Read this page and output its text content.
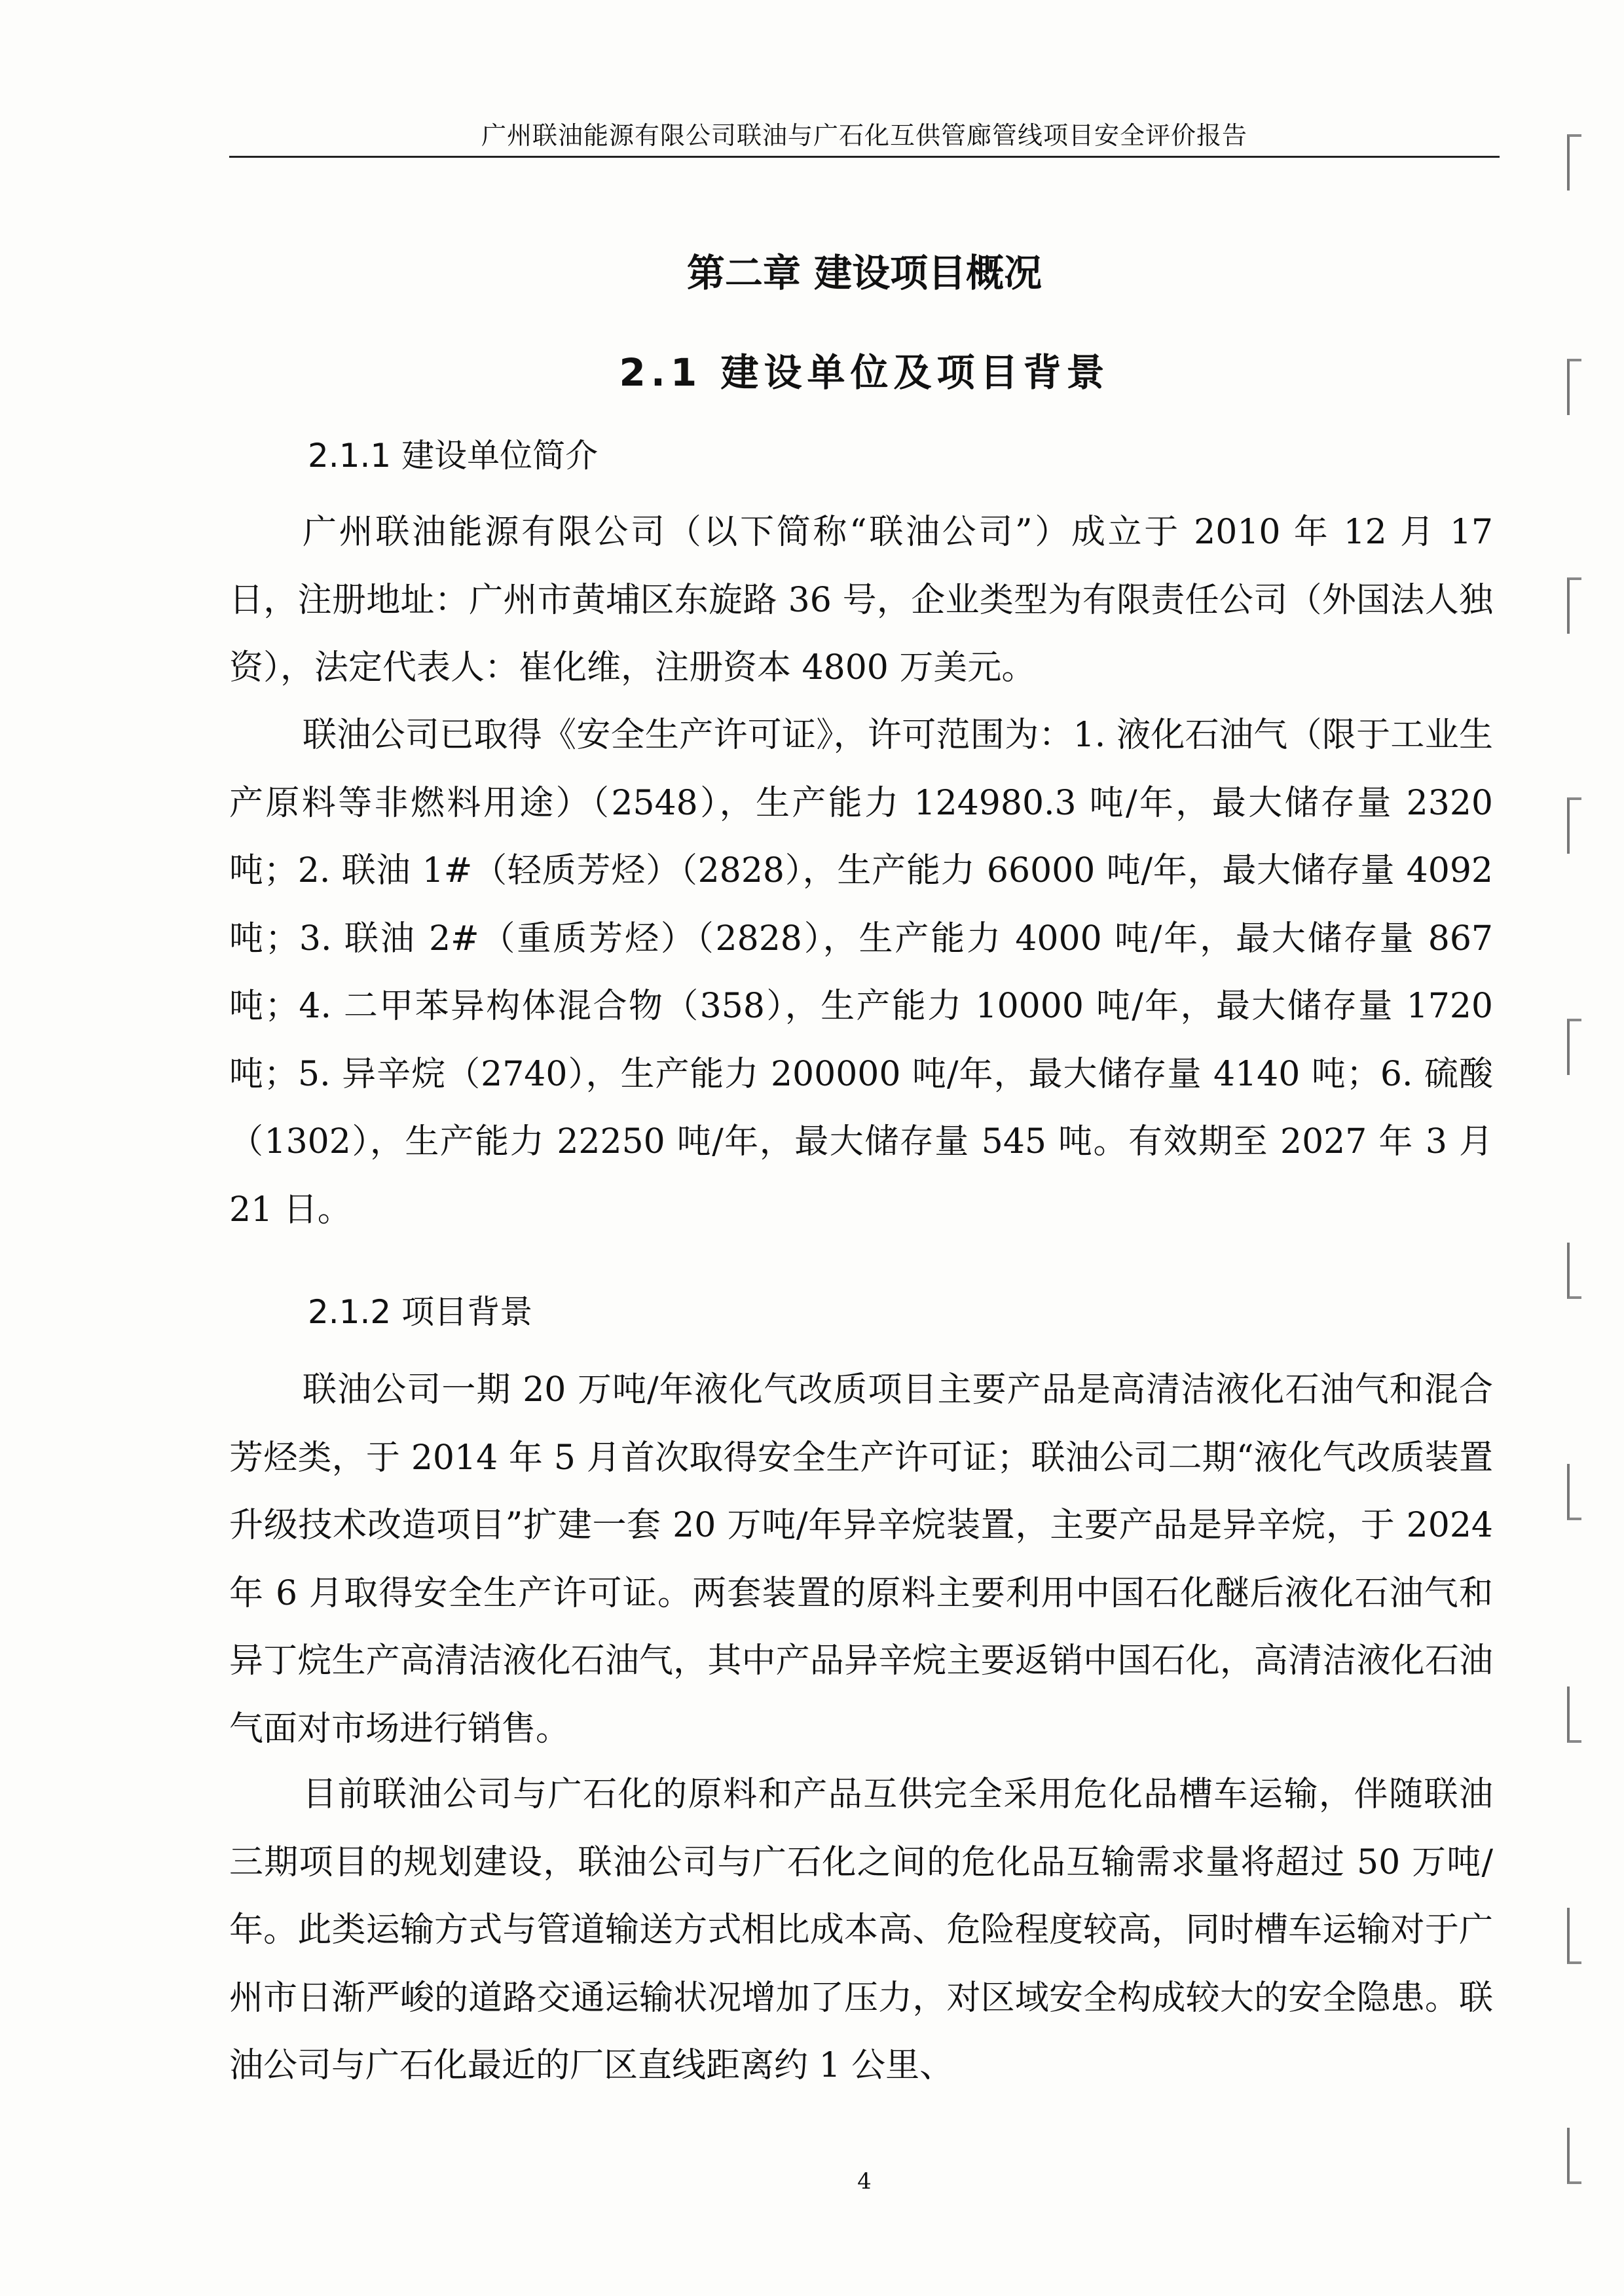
广州联油能源有限公司联油与广石化互供管廊管线项目安全评价报告
第二章 建设项目概况
2.1 建设单位及项目背景
2.1.1 建设单位简介

广州联油能源有限公司（以下简称“联油公司”）成立于 2010 年 12 月 17 日，注册地址：广州市黄埔区东旋路 36 号，企业类型为有限责任公司（外国法人独资），法定代表人：崔化维，注册资本 4800 万美元。

联油公司已取得《安全生产许可证》，许可范围为：1. 液化石油气（限于工业生产原料等非燃料用途）（2548），生产能力 124980.3 吨/年，最大储存量 2320 吨；2. 联油 1#（轻质芳烃）（2828），生产能力 66000 吨/年，最大储存量 4092 吨；3. 联油 2#（重质芳烃）（2828），生产能力 4000 吨/年，最大储存量 867 吨；4. 二甲苯异构体混合物（358），生产能力 10000 吨/年，最大储存量 1720 吨；5. 异辛烷（2740），生产能力 200000 吨/年，最大储存量 4140 吨；6. 硫酸（1302），生产能力 22250 吨/年，最大储存量 545 吨。有效期至 2027 年 3 月 21 日。

2.1.2 项目背景

联油公司一期 20 万吨/年液化气改质项目主要产品是高清洁液化石油气和混合芳烃类，于 2014 年 5 月首次取得安全生产许可证；联油公司二期“液化气改质装置升级技术改造项目”扩建一套 20 万吨/年异辛烷装置，主要产品是异辛烷，于 2024 年 6 月取得安全生产许可证。两套装置的原料主要利用中国石化醚后液化石油气和异丁烷生产高清洁液化石油气，其中产品异辛烷主要返销中国石化，高清洁液化石油气面对市场进行销售。

目前联油公司与广石化的原料和产品互供完全采用危化品槽车运输，伴随联油三期项目的规划建设，联油公司与广石化之间的危化品互输需求量将超过 50 万吨/年。此类运输方式与管道输送方式相比成本高、危险程度较高，同时槽车运输对于广州市日渐严峻的道路交通运输状况增加了压力，对区域安全构成较大的安全隐患。联油公司与广石化最近的厂区直线距离约 1 公里、

4
